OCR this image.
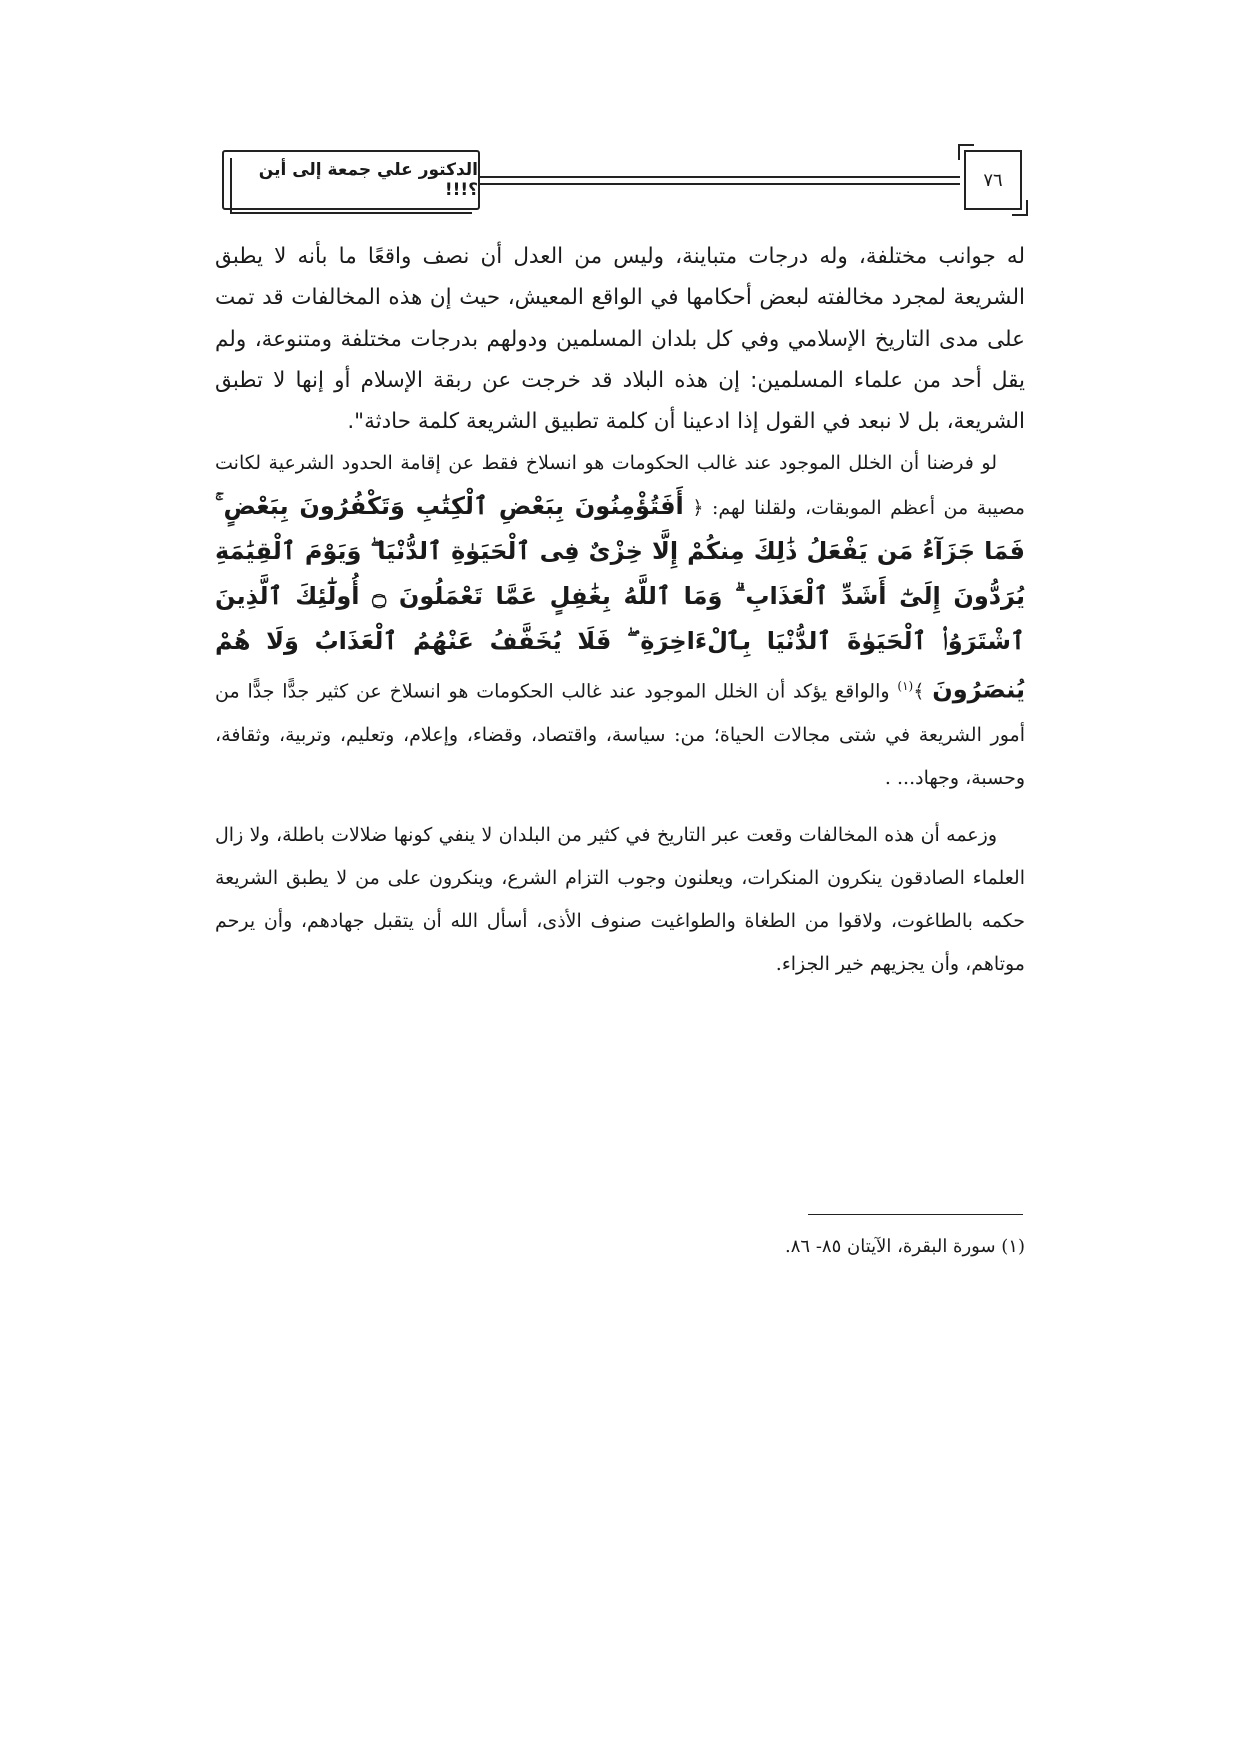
الدكتور علي جمعة إلى أين ؟!!!	٧٦

له جوانب مختلفة، وله درجات متباينة، وليس من العدل أن نصف واقعًا ما بأنه لا يطبق الشريعة لمجرد مخالفته لبعض أحكامها في الواقع المعيش، حيث إن هذه المخالفات قد تمت على مدى التاريخ الإسلامي وفي كل بلدان المسلمين ودولهم بدرجات مختلفة ومتنوعة، ولم يقل أحد من علماء المسلمين: إن هذه البلاد قد خرجت عن ربقة الإسلام أو إنها لا تطبق الشريعة، بل لا نبعد في القول إذا ادعينا أن كلمة تطبيق الشريعة كلمة حادثة".

لو فرضنا أن الخلل الموجود عند غالب الحكومات هو انسلاخ فقط عن إقامة الحدود الشرعية لكانت مصيبة من أعظم الموبقات، ولقلنا لهم: ﴿ أَفَتُؤْمِنُونَ بِبَعْضِ ٱلْكِتَٰبِ وَتَكْفُرُونَ بِبَعْضٍ ۚ فَمَا جَزَآءُ مَن يَفْعَلُ ذَٰلِكَ مِنكُمْ إِلَّا خِزْىٌ فِى ٱلْحَيَوٰةِ ٱلدُّنْيَا ۖ وَيَوْمَ ٱلْقِيَٰمَةِ يُرَدُّونَ إِلَىٰٓ أَشَدِّ ٱلْعَذَابِ ۗ وَمَا ٱللَّهُ بِغَٰفِلٍ عَمَّا تَعْمَلُونَ ۝ أُولَٰٓئِكَ ٱلَّذِينَ ٱشْتَرَوُا۟ ٱلْحَيَوٰةَ ٱلدُّنْيَا بِٱلْءَاخِرَةِ ۖ فَلَا يُخَفَّفُ عَنْهُمُ ٱلْعَذَابُ وَلَا هُمْ يُنصَرُونَ ﴾$^{(١)}$ والواقع يؤكد أن الخلل الموجود عند غالب الحكومات هو انسلاخ عن كثير جدًّا جدًّا من أمور الشريعة في شتى مجالات الحياة؛ من: سياسة، واقتصاد، وقضاء، وإعلام، وتعليم، وتربية، وثقافة، وحسبة، وجهاد... .

وزعمه أن هذه المخالفات وقعت عبر التاريخ في كثير من البلدان لا ينفي كونها ضلالات باطلة، ولا زال العلماء الصادقون ينكرون المنكرات، ويعلنون وجوب التزام الشرع، وينكرون على من لا يطبق الشريعة حكمه بالطاغوت، ولاقوا من الطغاة والطواغيت صنوف الأذى، أسأل الله أن يتقبل جهادهم، وأن يرحم موتاهم، وأن يجزيهم خير الجزاء.

(١) سورة البقرة، الآيتان ٨٥- ٨٦.
